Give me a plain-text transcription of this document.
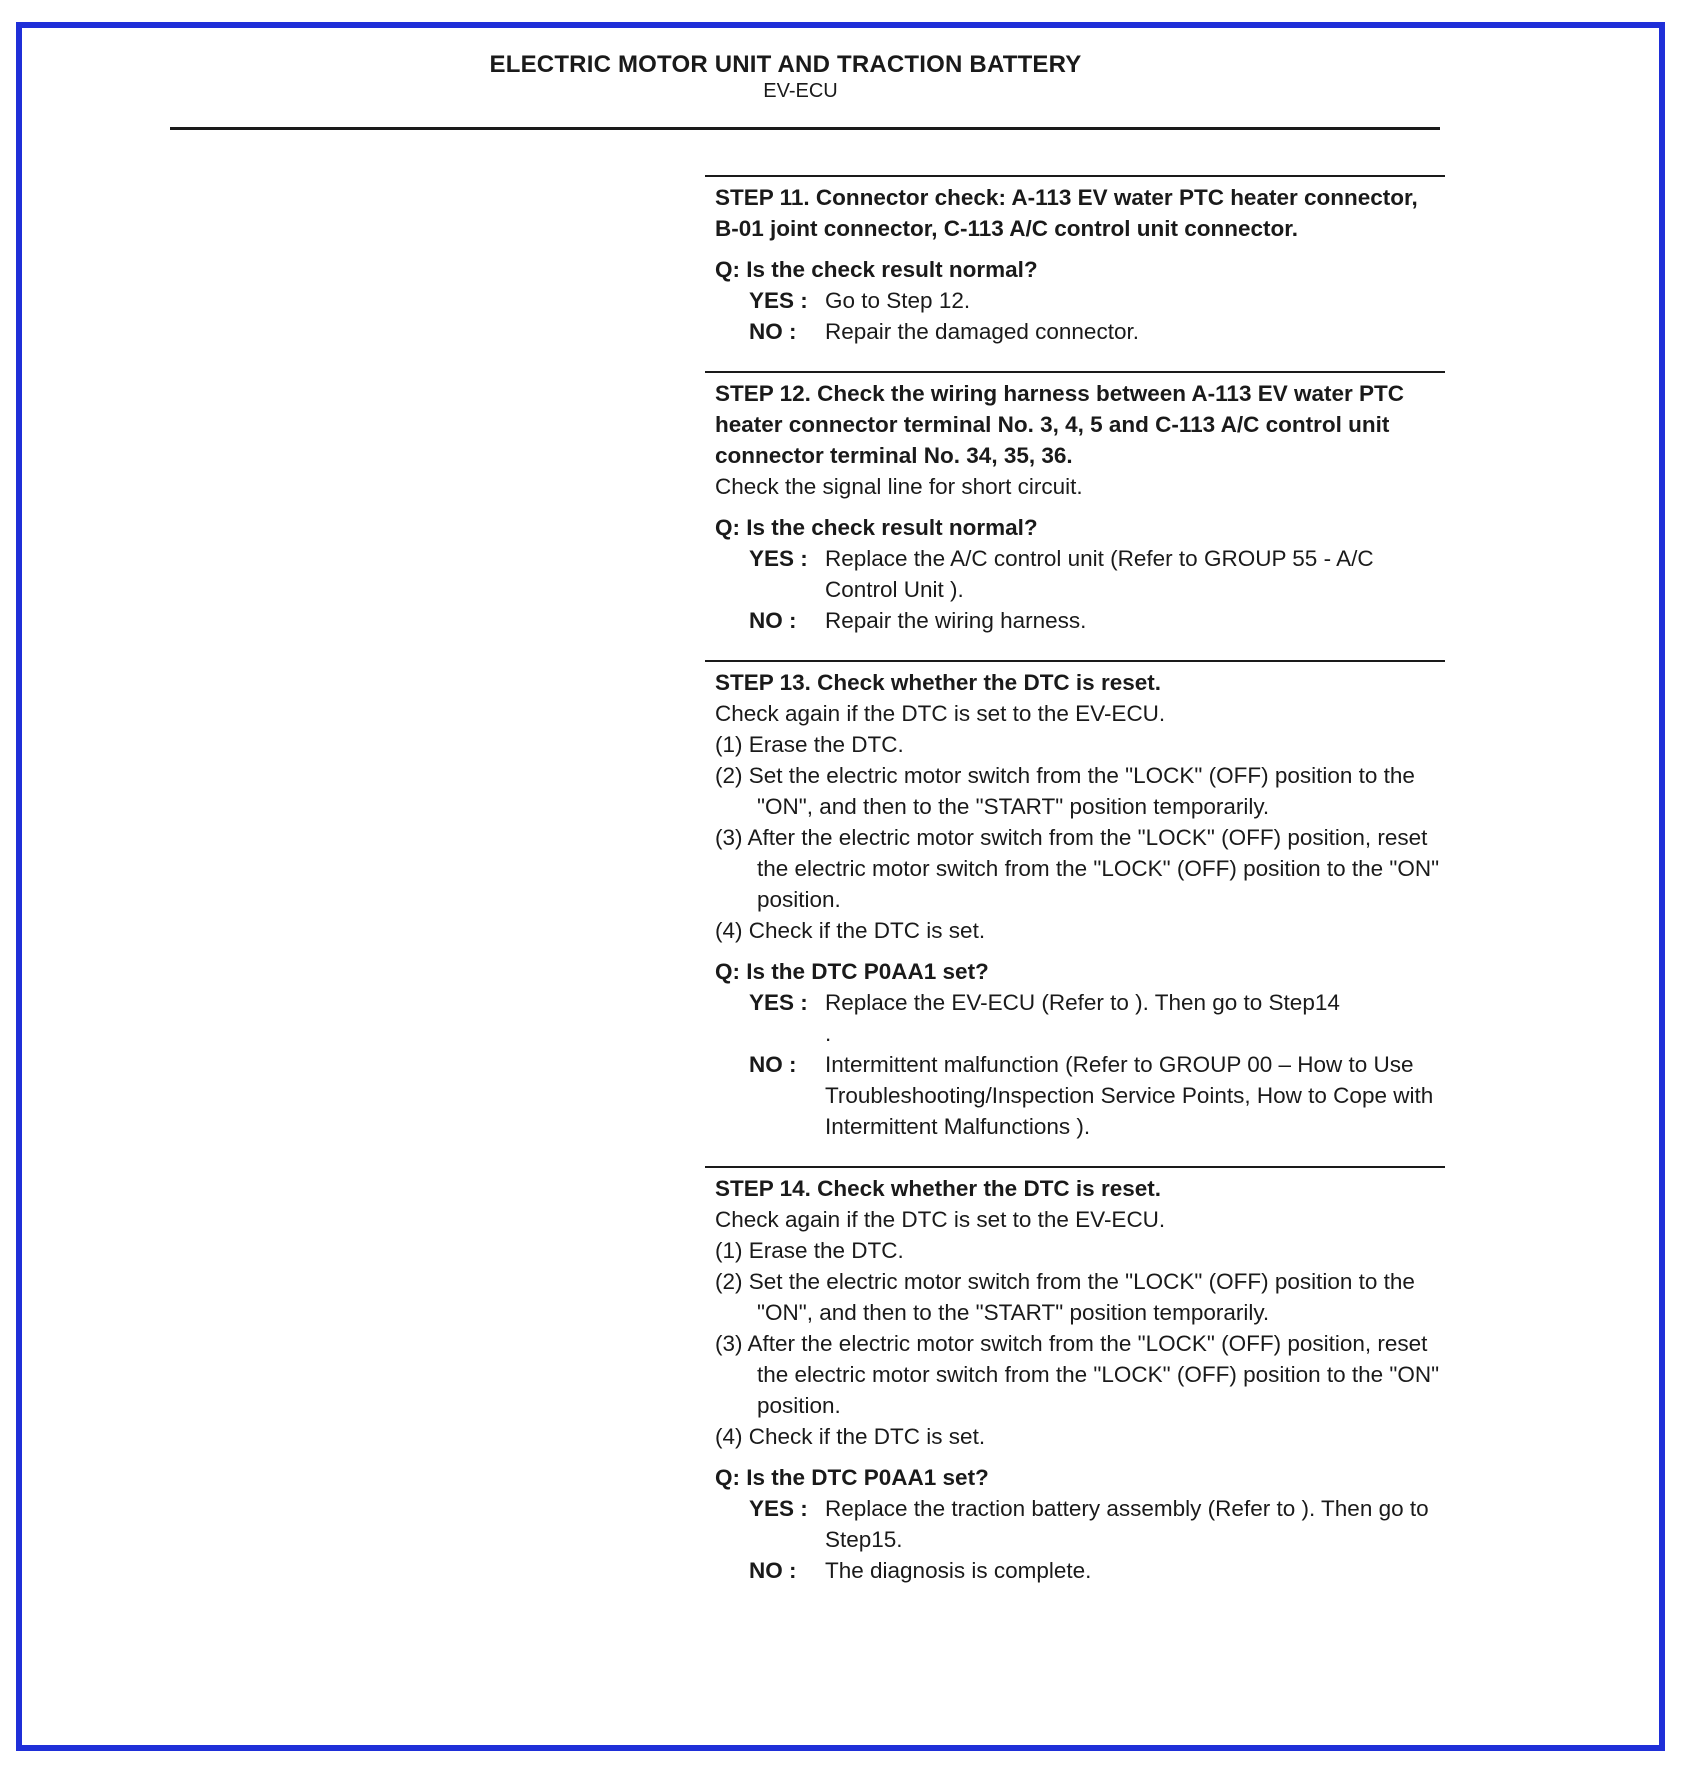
ELECTRIC MOTOR UNIT AND TRACTION BATTERY
EV-ECU
STEP 11. Connector check: A-113 EV water PTC heater connector, B-01 joint connector, C-113 A/C control unit connector.
Q: Is the check result normal?
YES : Go to Step 12.
NO :	Repair the damaged connector.
STEP 12. Check the wiring harness between A-113 EV water PTC heater connector terminal No. 3, 4, 5 and C-113 A/C control unit connector terminal No. 34, 35, 36.
Check the signal line for short circuit.
Q: Is the check result normal?
YES : Replace the A/C control unit (Refer to GROUP 55 - A/C Control Unit ).
NO :	Repair the wiring harness.
STEP 13. Check whether the DTC is reset.
Check again if the DTC is set to the EV-ECU.
(1) Erase the DTC.
(2) Set the electric motor switch from the "LOCK" (OFF) position to the "ON", and then to the "START" position temporarily.
(3) After the electric motor switch from the "LOCK" (OFF) position, reset the electric motor switch from the "LOCK" (OFF) position to the "ON" position.
(4) Check if the DTC is set.
Q: Is the DTC P0AA1 set?
YES : Replace the EV-ECU (Refer to ). Then go to Step14
.
NO :	Intermittent malfunction (Refer to GROUP 00 – How to Use Troubleshooting/Inspection Service Points, How to Cope with Intermittent Malfunctions ).
STEP 14. Check whether the DTC is reset.
Check again if the DTC is set to the EV-ECU.
(1) Erase the DTC.
(2) Set the electric motor switch from the "LOCK" (OFF) position to the "ON", and then to the "START" position temporarily.
(3) After the electric motor switch from the "LOCK" (OFF) position, reset the electric motor switch from the "LOCK" (OFF) position to the "ON" position.
(4) Check if the DTC is set.
Q: Is the DTC P0AA1 set?
YES : Replace the traction battery assembly (Refer to ). Then go to Step15.
NO :	The diagnosis is complete.
